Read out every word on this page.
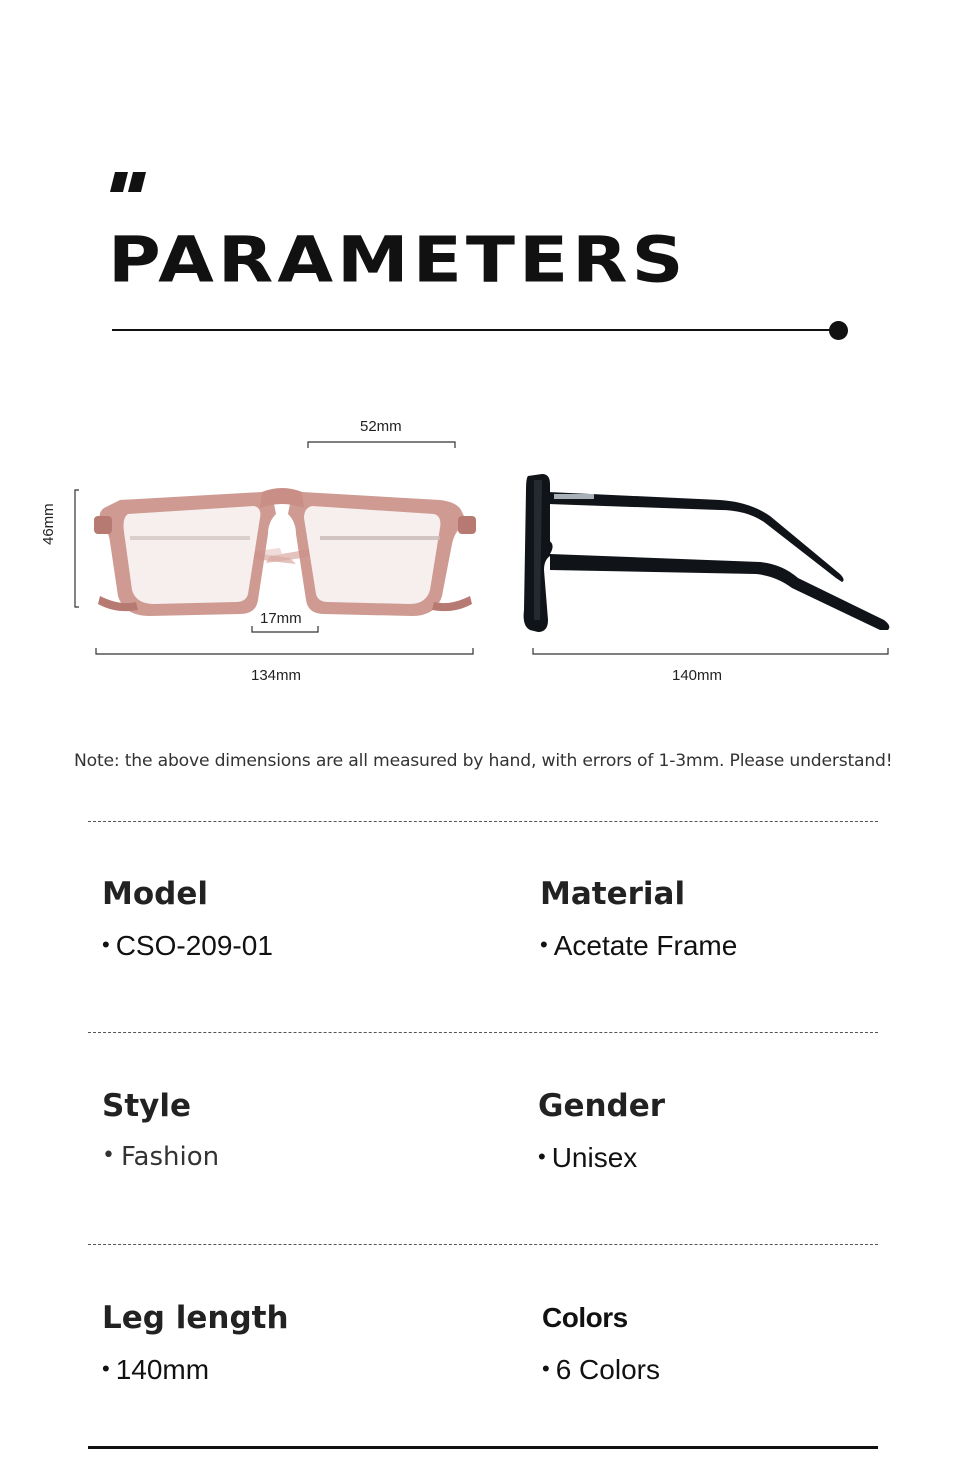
PARAMETERS
52mm
46mm
17mm
134mm	140mm

Note: the above dimensions are all measured by hand, with errors of 1-3mm. Please understand!

Model

• CSO-209-01

Material

• Acetate Frame

Style

• Fashion

Gender

• Unisex

Leg length

• 140mm

Colors

• 6 Colors
